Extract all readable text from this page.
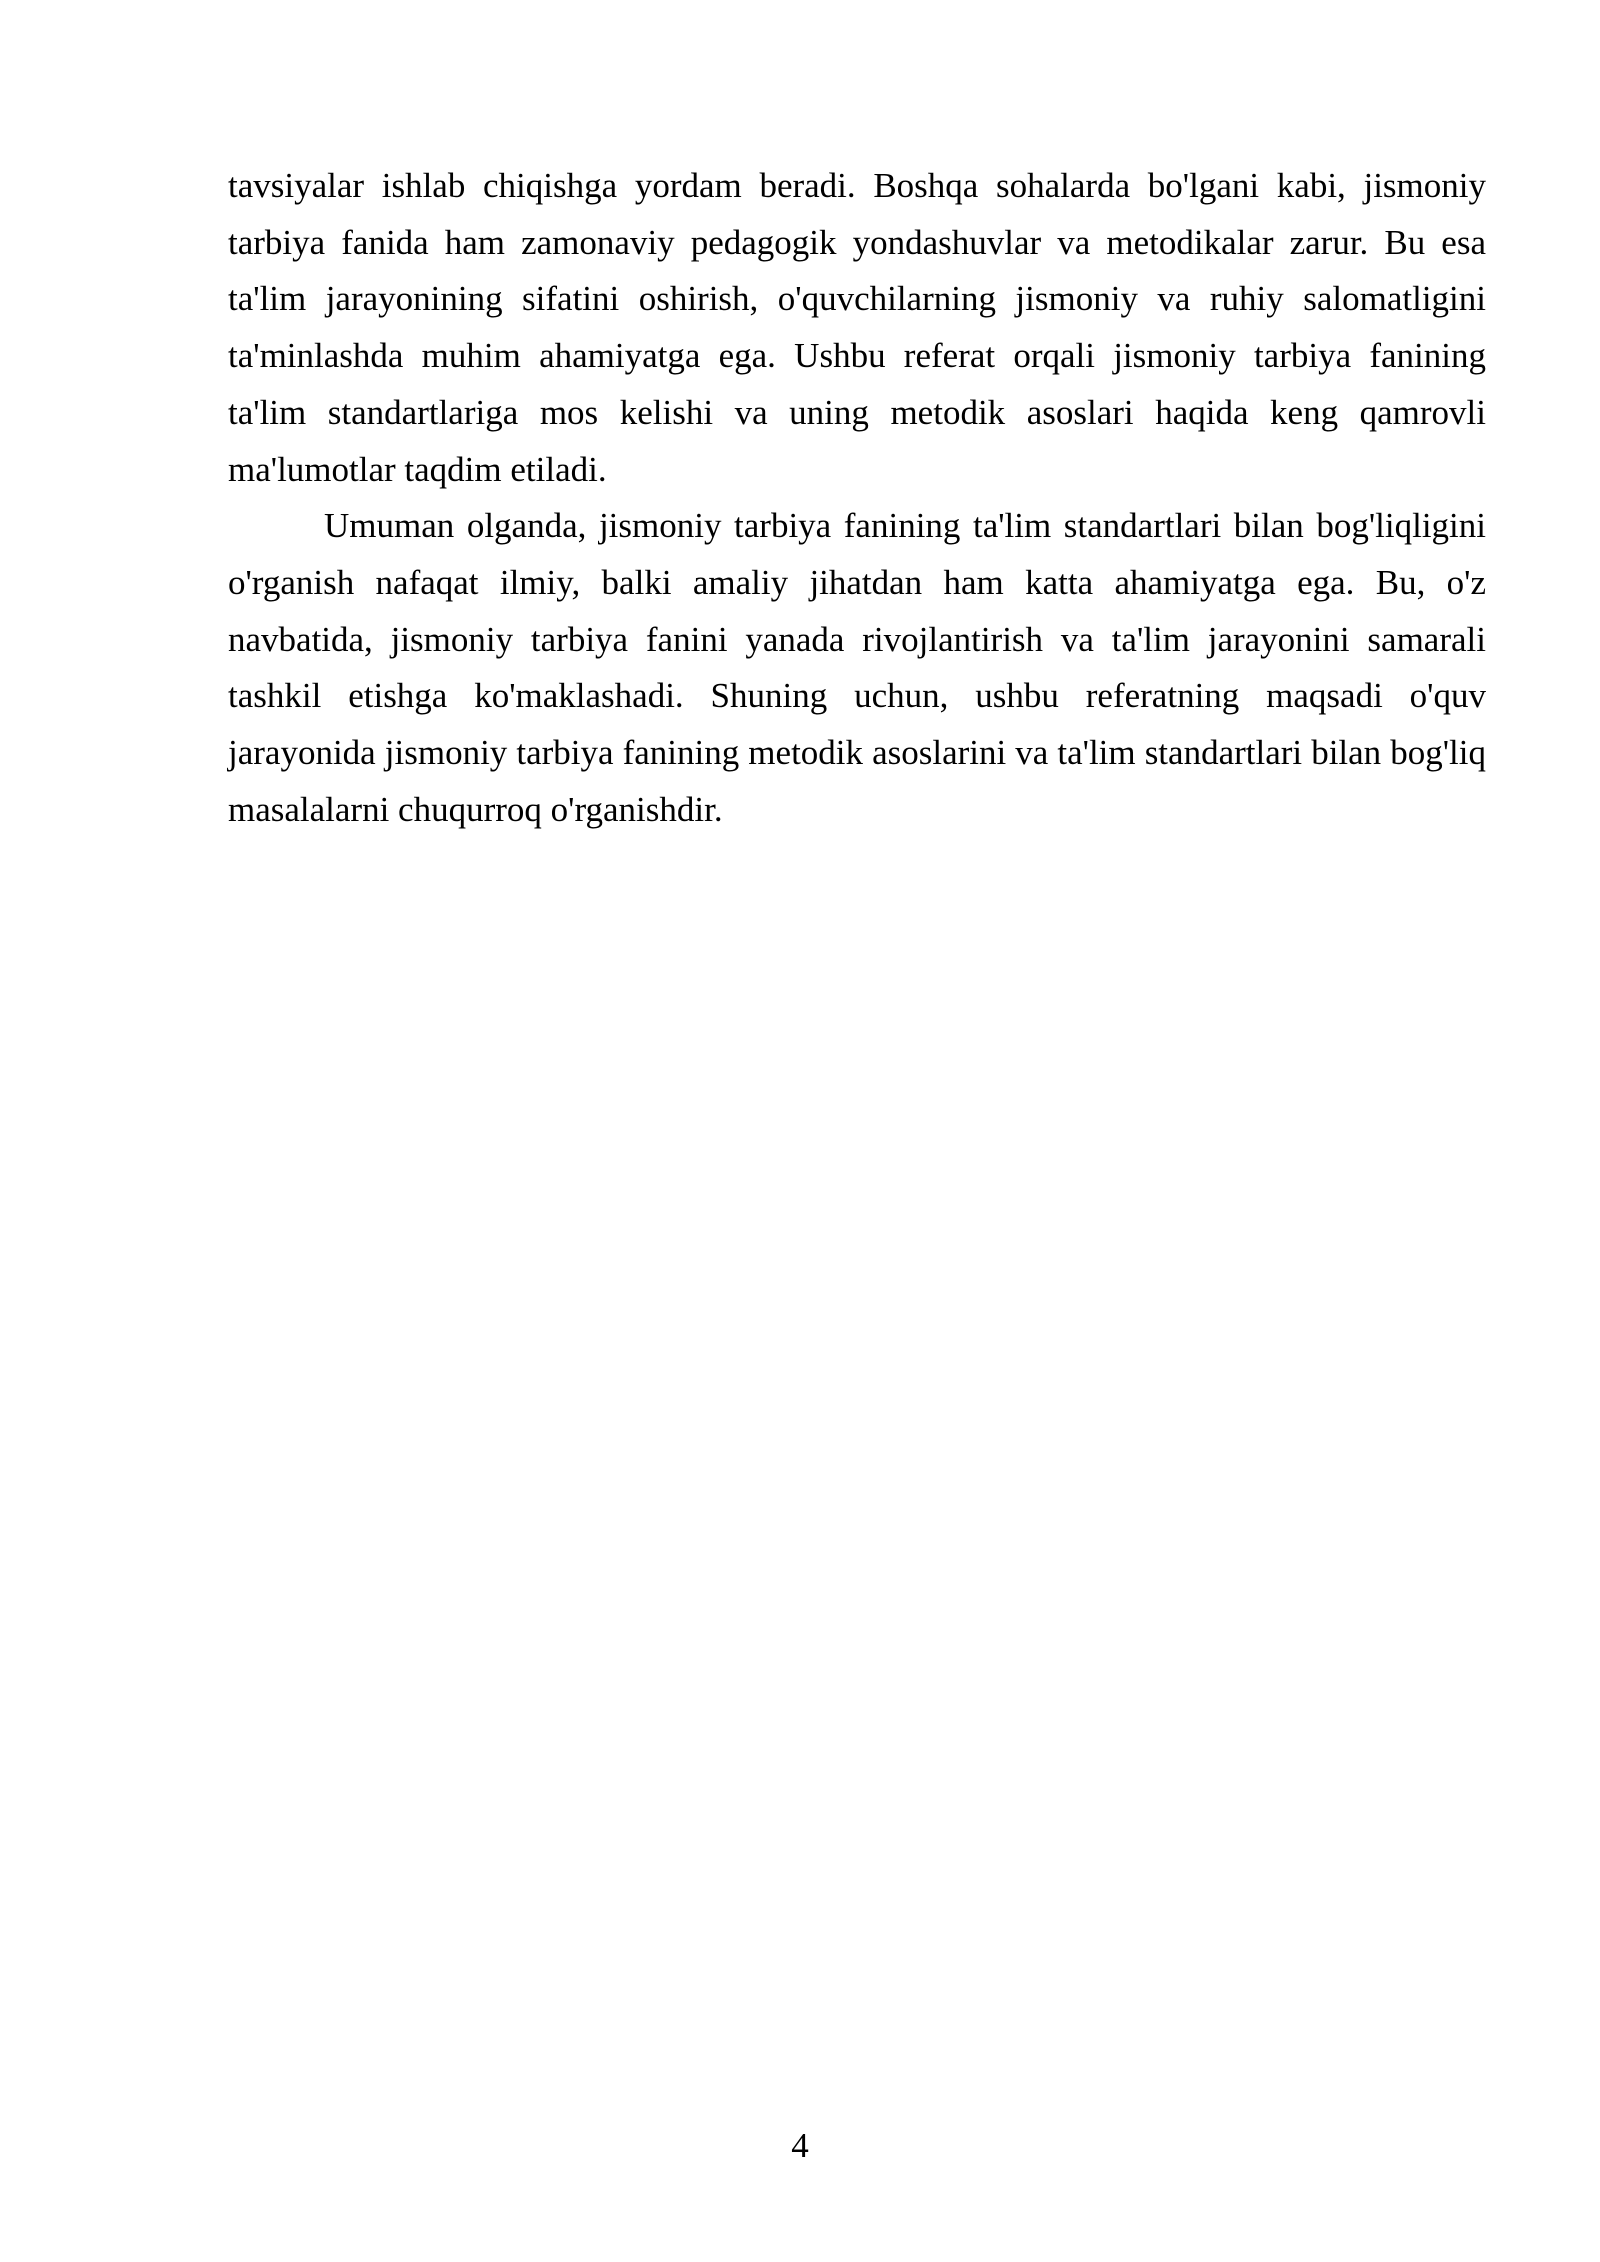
tavsiyalar ishlab chiqishga yordam beradi. Boshqa sohalarda bo'lgani kabi, jismoniy tarbiya fanida ham zamonaviy pedagogik yondashuvlar va metodikalar zarur. Bu esa ta'lim jarayonining sifatini oshirish, o'quvchilarning jismoniy va ruhiy salomatligini ta'minlashda muhim ahamiyatga ega. Ushbu referat orqali jismoniy tarbiya fanining ta'lim standartlariga mos kelishi va uning metodik asoslari haqida keng qamrovli ma'lumotlar taqdim etiladi.

Umuman olganda, jismoniy tarbiya fanining ta'lim standartlari bilan bog'liqligini o'rganish nafaqat ilmiy, balki amaliy jihatdan ham katta ahamiyatga ega. Bu, o'z navbatida, jismoniy tarbiya fanini yanada rivojlantirish va ta'lim jarayonini samarali tashkil etishga ko'maklashadi. Shuning uchun, ushbu referatning maqsadi o'quv jarayonida jismoniy tarbiya fanining metodik asoslarini va ta'lim standartlari bilan bog'liq masalalarni chuqurroq o'rganishdir.

4
